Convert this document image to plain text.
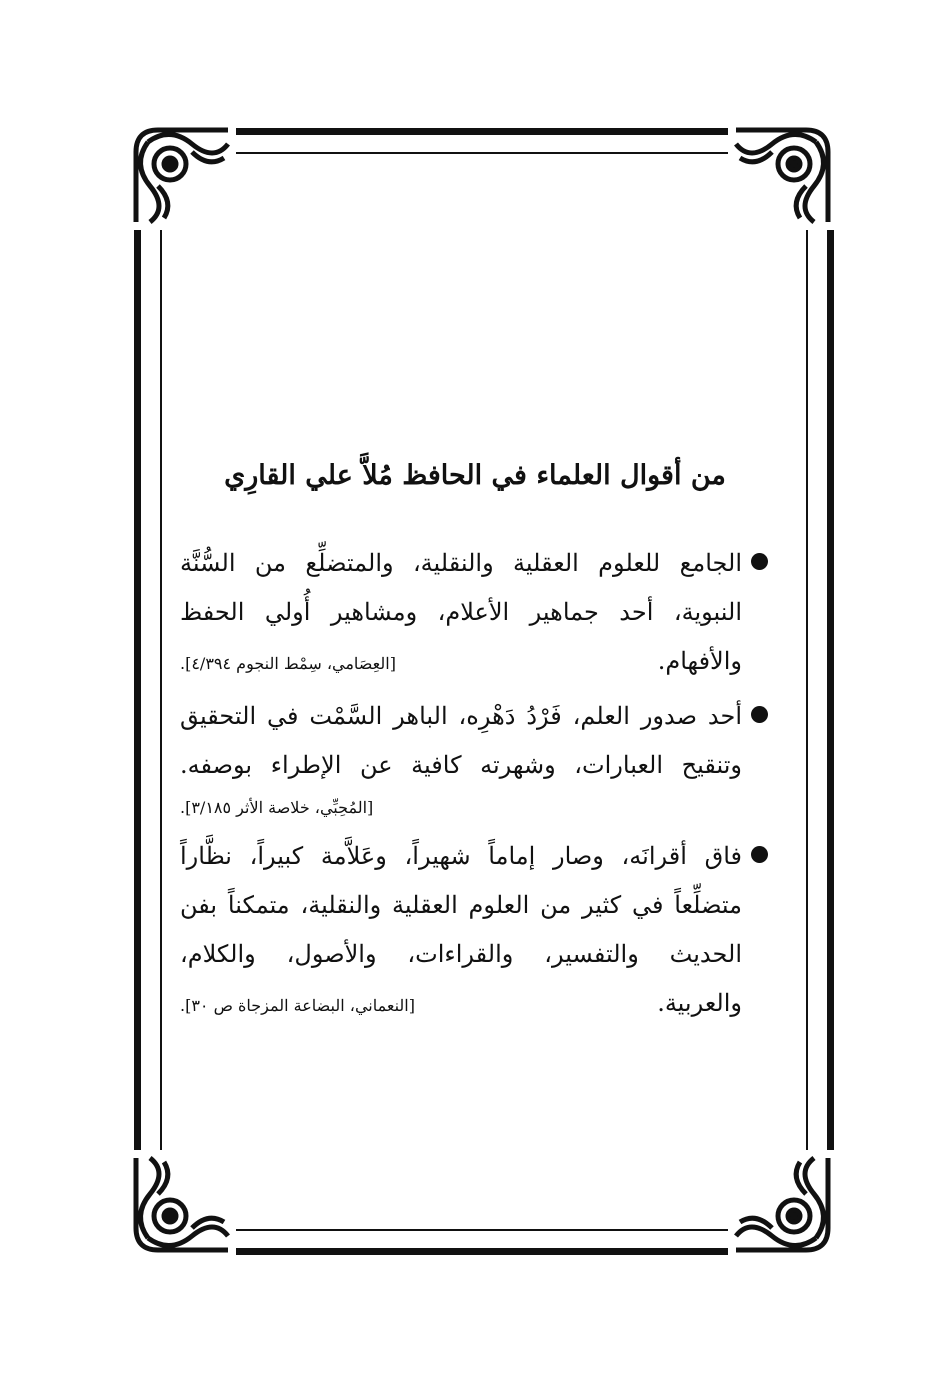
من أقوال العلماء في الحافظ مُلاَّ علي القارِي
الجامع للعلوم العقلية والنقلية، والمتضلِّع من السُّنَّة
النبوية، أحد جماهير الأعلام، ومشاهير أُولي الحفظ
والأفهام.
[العِصَامي، سِمْط النجوم ٤/٣٩٤].
أحد صدور العلم، فَرْدُ دَهْرِه، الباهر السَّمْت في التحقيق
وتنقيح العبارات، وشهرته كافية عن الإطراء بوصفه.
[المُحِبِّي، خلاصة الأثر ٣/١٨٥].
فاق أقرانَه، وصار إماماً شهيراً، وعَلاَّمة كبيراً، نظَّاراً
متضلِّعاً في كثير من العلوم العقلية والنقلية، متمكناً بفن
الحديث والتفسير، والقراءات، والأصول، والكلام،
والعربية.
[النعماني، البضاعة المزجاة ص ٣٠].
